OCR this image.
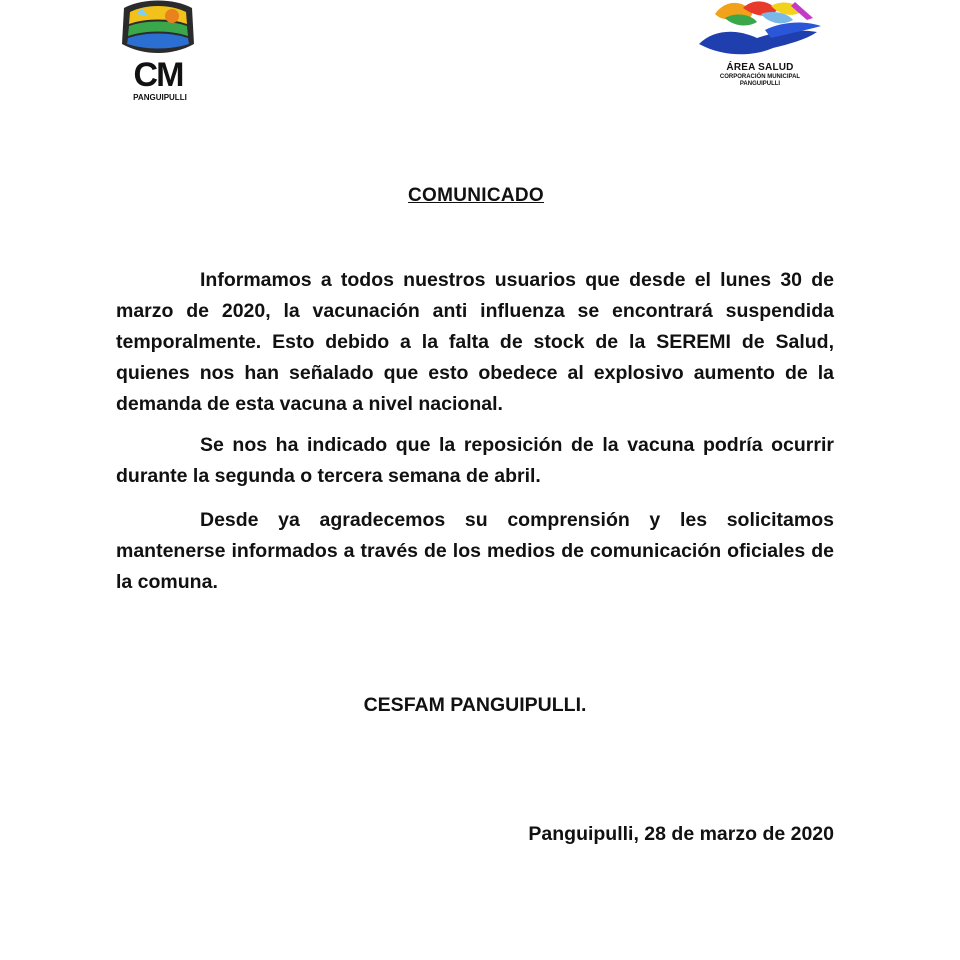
CM
PANGUIPULLI
ÁREA SALUD
CORPORACIÓN MUNICIPAL
PANGUIPULLI
COMUNICADO
Informamos a todos nuestros usuarios que desde el lunes 30 de marzo de 2020, la vacunación anti influenza se encontrará suspendida temporalmente. Esto debido a la falta de stock de la SEREMI de Salud, quienes nos han señalado que esto obedece al explosivo aumento de la demanda de esta vacuna a nivel nacional.
Se nos ha indicado que la reposición de la vacuna podría ocurrir durante la segunda o tercera semana de abril.
Desde ya agradecemos su comprensión y les solicitamos mantenerse informados a través de los medios de comunicación oficiales de la comuna.
CESFAM PANGUIPULLI.
Panguipulli, 28 de marzo de 2020
